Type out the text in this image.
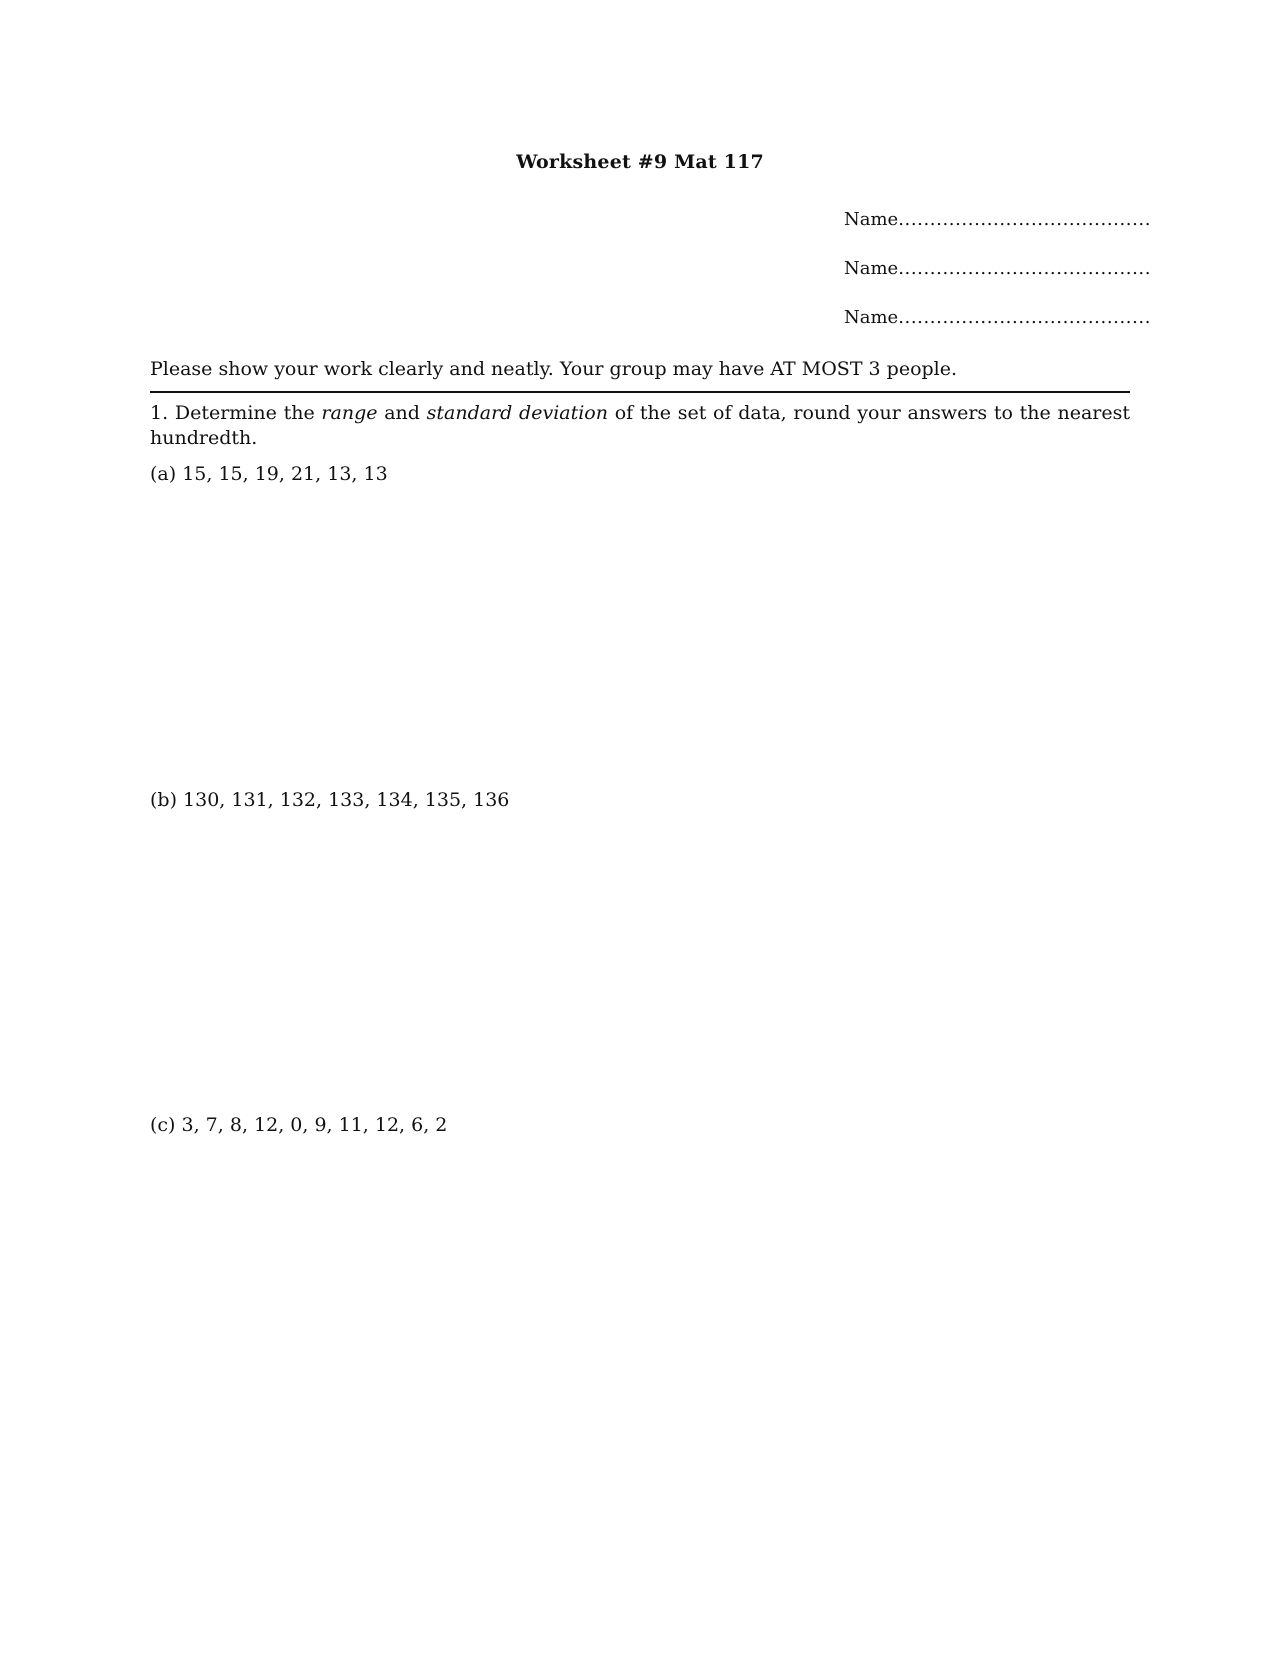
Worksheet #9 Mat 117
Name........................................
Name........................................
Name........................................
Please show your work clearly and neatly. Your group may have AT MOST 3 people.
1. Determine the range and standard deviation of the set of data, round your answers to the nearest hundredth.
(a) 15, 15, 19, 21, 13, 13
(b) 130, 131, 132, 133, 134, 135, 136
(c) 3, 7, 8, 12, 0, 9, 11, 12, 6, 2
